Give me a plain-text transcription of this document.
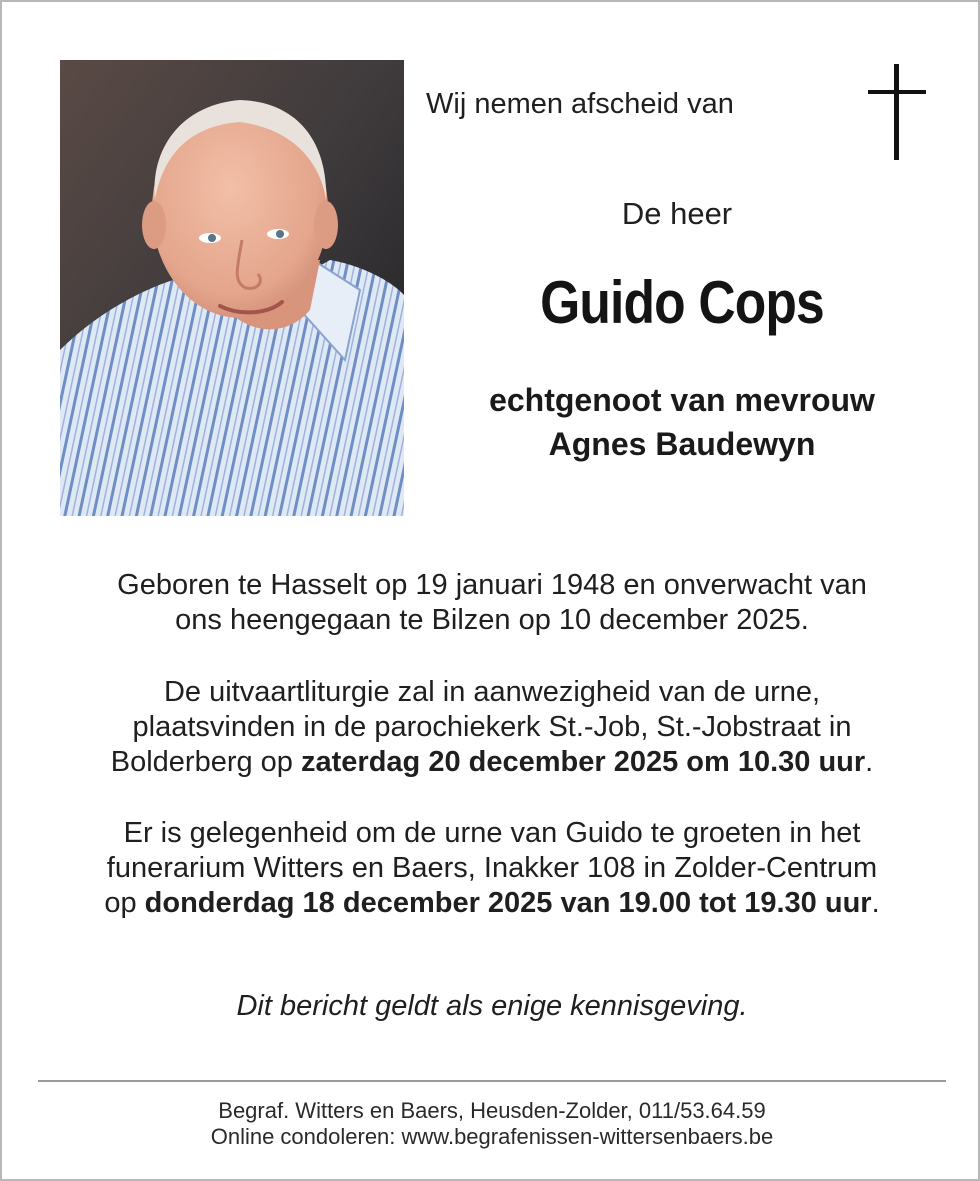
Wij nemen afscheid van
De heer
Guido Cops
echtgenoot van mevrouw
Agnes Baudewyn
Geboren te Hasselt op 19 januari 1948 en onverwacht van
ons heengegaan te Bilzen op 10 december 2025.
De uitvaartliturgie zal in aanwezigheid van de urne,
plaatsvinden in de parochiekerk St.-Job, St.-Jobstraat in
Bolderberg op zaterdag 20 december 2025 om 10.30 uur.
Er is gelegenheid om de urne van Guido te groeten in het
funerarium Witters en Baers, Inakker 108 in Zolder-Centrum
op donderdag 18 december 2025 van 19.00 tot 19.30 uur.
Dit bericht geldt als enige kennisgeving.
Begraf. Witters en Baers, Heusden-Zolder, 011/53.64.59
Online condoleren: www.begrafenissen-wittersenbaers.be
